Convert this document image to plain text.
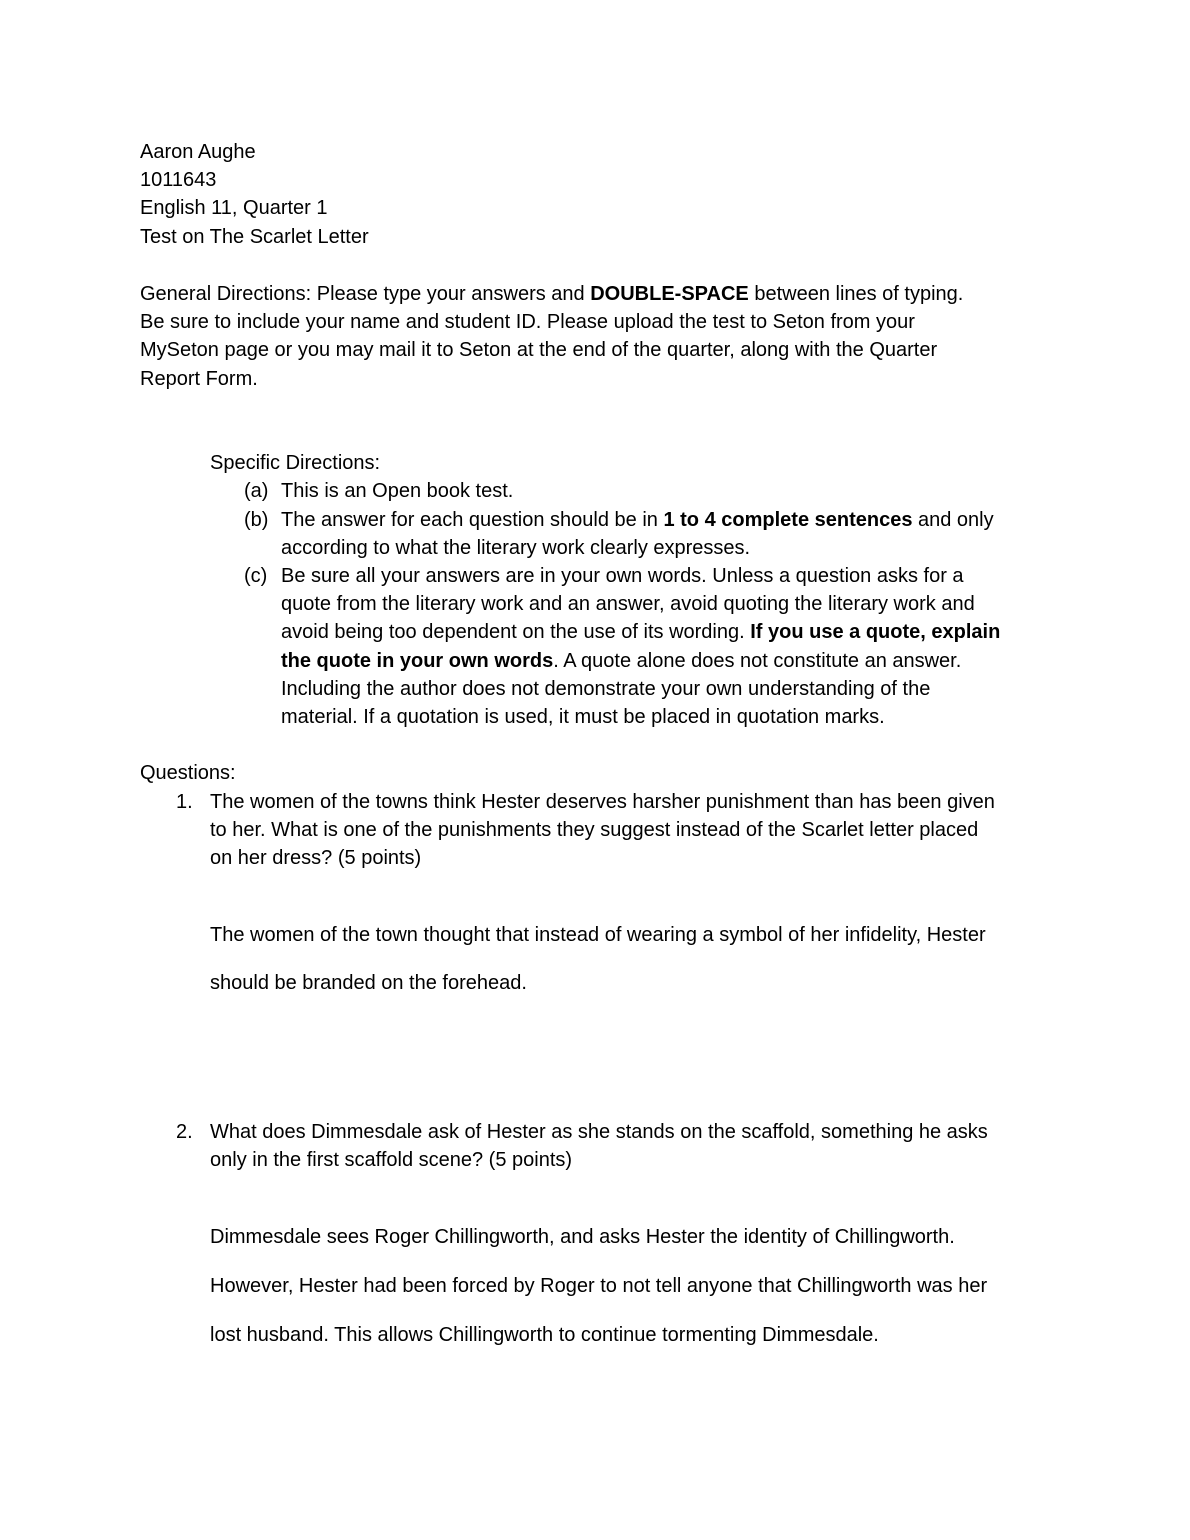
Aaron Aughe
1011643
English 11, Quarter 1
Test on The Scarlet Letter
General Directions: Please type your answers and DOUBLE-SPACE between lines of typing.
Be sure to include your name and student ID. Please upload the test to Seton from your
MySeton page or you may mail it to Seton at the end of the quarter, along with the Quarter
Report Form.
Specific Directions:
(a) This is an Open book test.
(b) The answer for each question should be in 1 to 4 complete sentences and only
according to what the literary work clearly expresses.
(c) Be sure all your answers are in your own words. Unless a question asks for a
quote from the literary work and an answer, avoid quoting the literary work and
avoid being too dependent on the use of its wording. If you use a quote, explain
the quote in your own words. A quote alone does not constitute an answer.
Including the author does not demonstrate your own understanding of the
material. If a quotation is used, it must be placed in quotation marks.
Questions:
1. The women of the towns think Hester deserves harsher punishment than has been given
to her. What is one of the punishments they suggest instead of the Scarlet letter placed
on her dress? (5 points)
The women of the town thought that instead of wearing a symbol of her infidelity, Hester
should be branded on the forehead.
2. What does Dimmesdale ask of Hester as she stands on the scaffold, something he asks
only in the first scaffold scene? (5 points)
Dimmesdale sees Roger Chillingworth, and asks Hester the identity of Chillingworth.
However, Hester had been forced by Roger to not tell anyone that Chillingworth was her
lost husband. This allows Chillingworth to continue tormenting Dimmesdale.
